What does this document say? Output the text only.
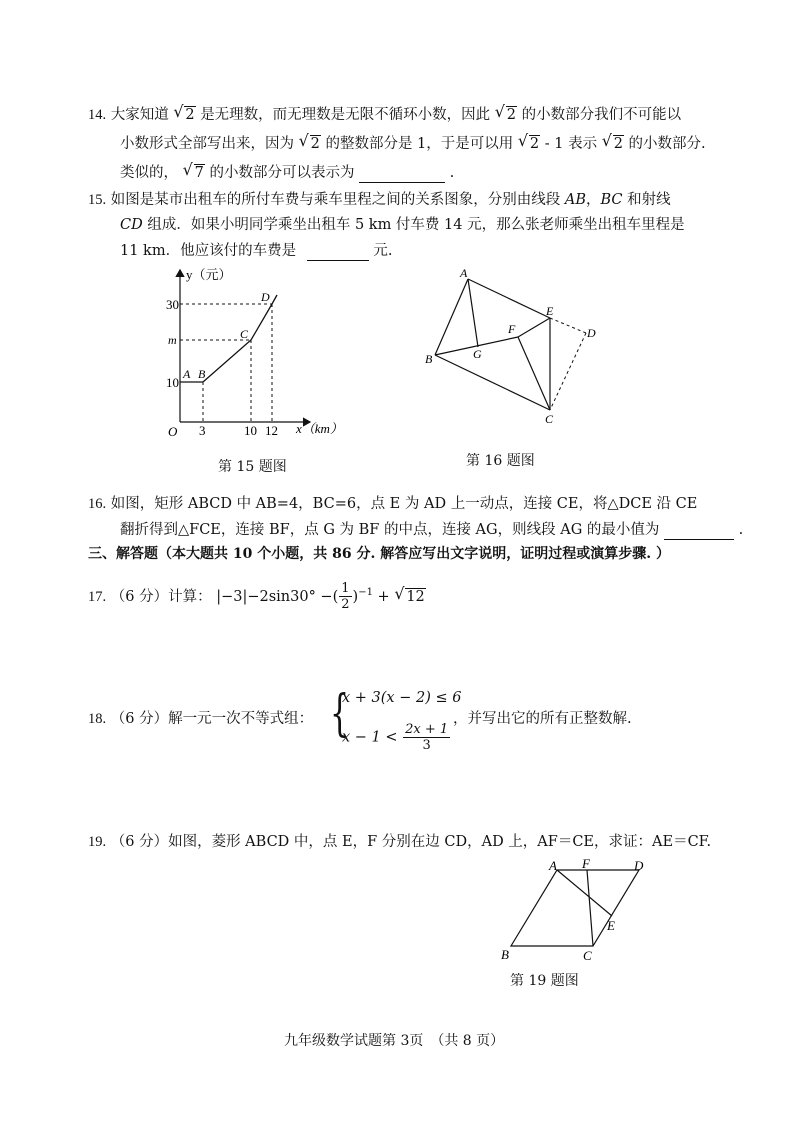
14. 大家知道 √ 2 是无理数，而无理数是无限不循环小数，因此 √ 2 的小数部分我们不可能以
小数形式全部写出来，因为 √ 2 的整数部分是 1，于是可以用 √ 2 - 1 表示 √ 2 的小数部分.
类似的， √ 7 的小数部分可以表示为	.
15. 如图是某市出租车的所付车费与乘车里程之间的关系图象，分别由线段 AB，BC 和射线
CD 组成．如果小明同学乘坐出租车 5 km 付车费 14 元，那么张老师乘坐出租车里程是
11 km．他应该付的车费是	元.
y（元）
x（km）
O
30
m
10
3	10 12
A B
C
D
第 15 题图
A
B	G
F
E
D
C
第 16 题图
16. 如图，矩形 ABCD 中 AB=4，BC=6，点 E 为 AD 上一动点，连接 CE，将△DCE 沿 CE
翻折得到△FCE，连接 BF，点 G 为 BF 的中点，连接 AG，则线段 AG 的最小值为	.
三、解答题（本大题共 10 个小题，共 86 分. 解答应写出文字说明，证明过程或演算步骤. ）
17. （6 分）计算： |−3|−2sin30° −( $\frac{1}{2} )^{-1}$ + √ 12
18. （6 分）解一元一次不等式组： {
x + 3(x − 2) ≤ 6
$x - 1 < \frac{2x + 1}{3}$
，并写出它的所有正整数解.
19. （6 分）如图，菱形 ABCD 中，点 E，F 分别在边 CD，AD 上，AF＝CE，求证：AE＝CF.
A F	D
E
B	C
第 19 题图
九年级数学试题第 3页　（共 8 页）
